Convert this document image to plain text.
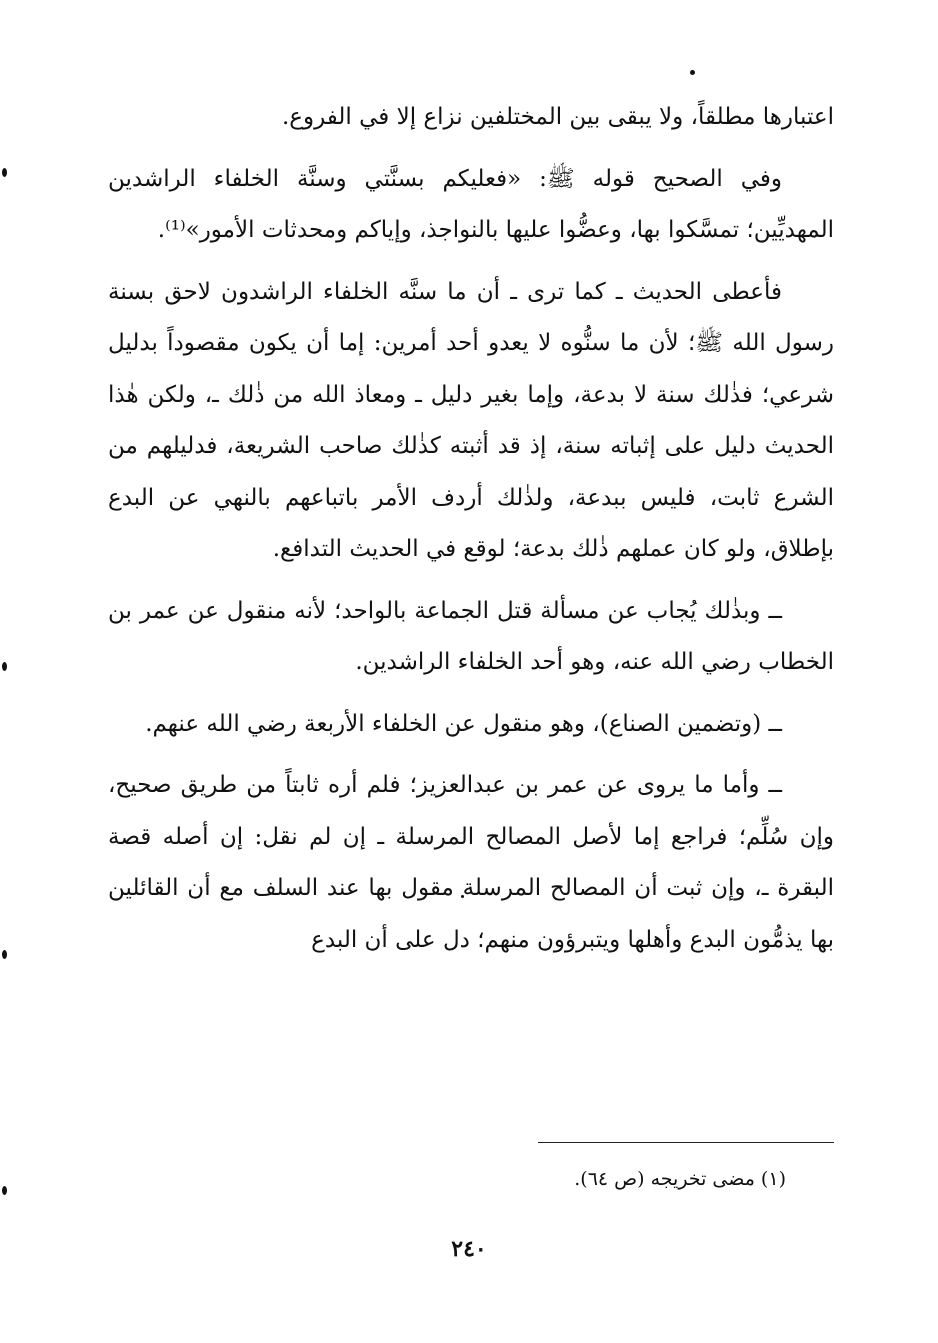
اعتبارها مطلقاً، ولا يبقى بين المختلفين نزاع إلا في الفروع.

وفي الصحيح قوله ﷺ: «فعليكم بسنَّتي وسنَّة الخلفاء الراشدين المهديِّين؛ تمسَّكوا بها، وعضُّوا عليها بالنواجذ، وإياكم ومحدثات الأمور»⁽¹⁾.

فأعطى الحديث ـ كما ترى ـ أن ما سنَّه الخلفاء الراشدون لاحق بسنة رسول الله ﷺ؛ لأن ما سنُّوه لا يعدو أحد أمرين: إما أن يكون مقصوداً بدليل شرعي؛ فذٰلك سنة لا بدعة، وإما بغير دليل ـ ومعاذ الله من ذٰلك ـ، ولكن هٰذا الحديث دليل على إثباته سنة، إذ قد أثبته كذٰلك صاحب الشريعة، فدليلهم من الشرع ثابت، فليس ببدعة، ولذٰلك أردف الأمر باتباعهم بالنهي عن البدع بإطلاق، ولو كان عملهم ذٰلك بدعة؛ لوقع في الحديث التدافع.

ــ وبذٰلك يُجاب عن مسألة قتل الجماعة بالواحد؛ لأنه منقول عن عمر بن الخطاب رضي الله عنه، وهو أحد الخلفاء الراشدين.

ــ (وتضمين الصناع)، وهو منقول عن الخلفاء الأربعة رضي الله عنهم.

ــ وأما ما يروى عن عمر بن عبدالعزيز؛ فلم أره ثابتاً من طريق صحيح، وإن سُلِّم؛ فراجع إما لأصل المصالح المرسلة ـ إن لم نقل: إن أصله قصة البقرة ـ، وإن ثبت أن المصالح المرسلة مقول بها عند السلف مع أن القائلين بها يذمُّون البدع وأهلها ويتبرؤون منهم؛ دل على أن البدع

(١) مضى تخريجه (ص ٦٤).
٢٤٠
